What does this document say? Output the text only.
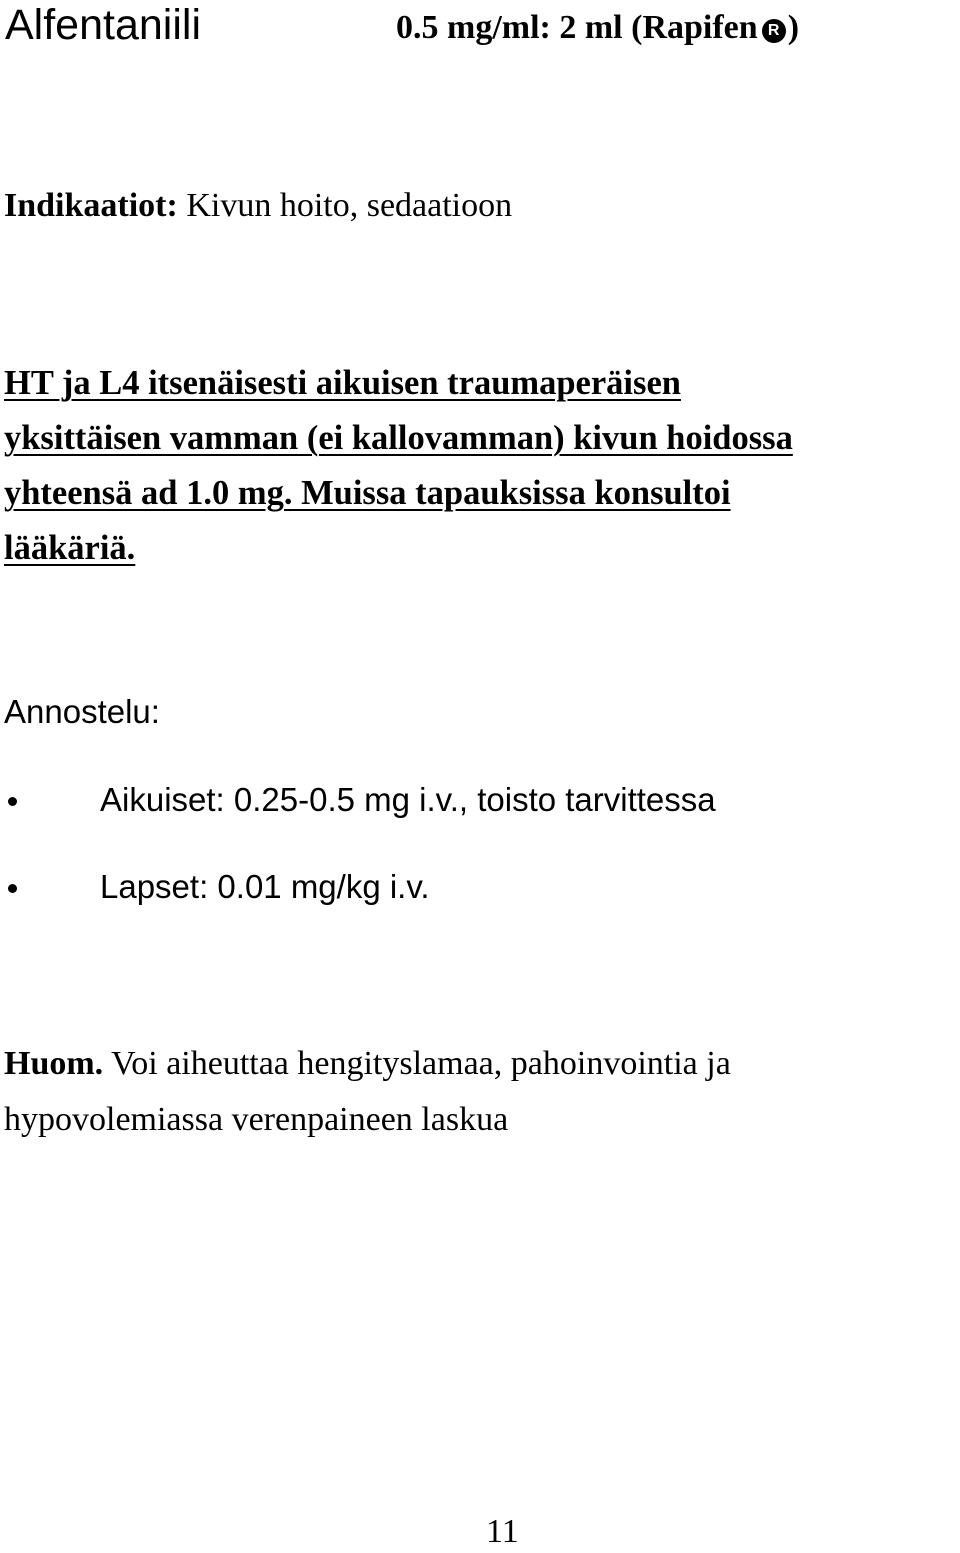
Alfentaniili	0.5 mg/ml: 2 ml (Rapifen R )
Indikaatiot: Kivun hoito, sedaatioon
HT ja L4 itsenäisesti aikuisen traumaperäisen
yksittäisen vamman (ei kallovamman) kivun hoidossa
yhteensä ad 1.0 mg. Muissa tapauksissa konsultoi
lääkäriä.
Annostelu:
Aikuiset: 0.25-0.5 mg i.v., toisto tarvittessa
Lapset: 0.01 mg/kg i.v.
Huom. Voi aiheuttaa hengityslamaa, pahoinvointia ja
hypovolemiassa verenpaineen laskua
11
